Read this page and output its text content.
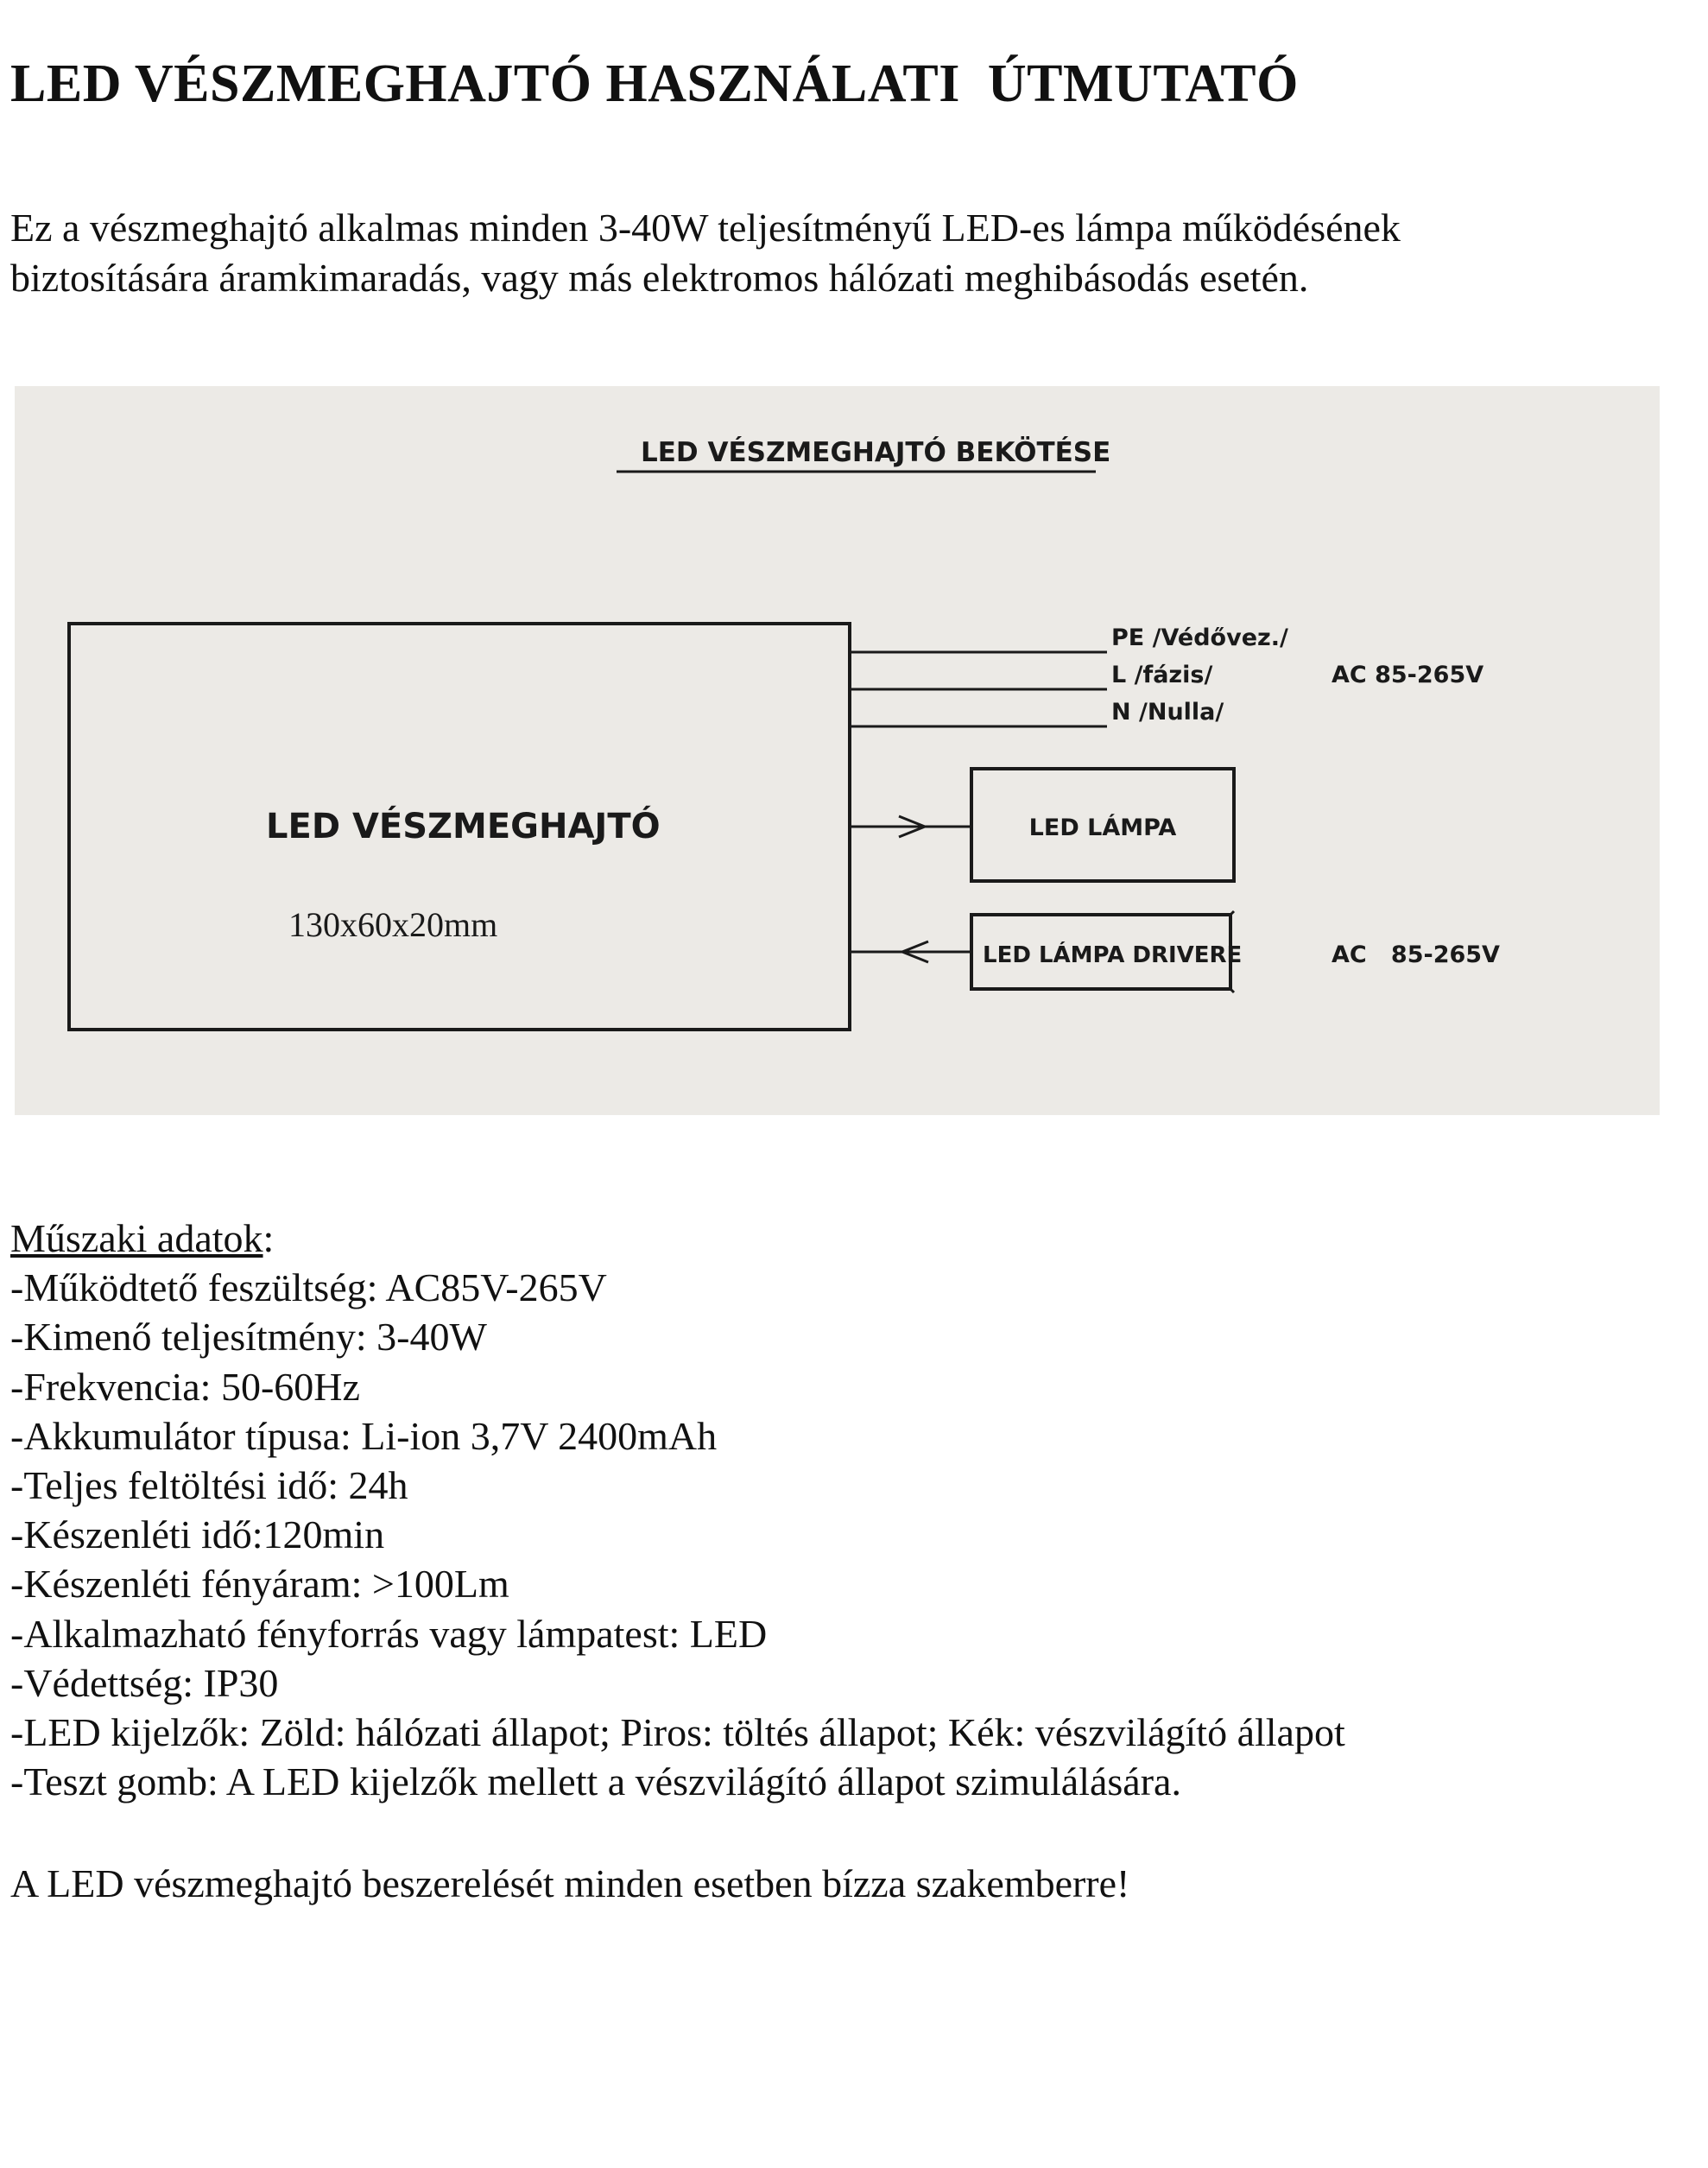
LED VÉSZMEGHAJTÓ HASZNÁLATI  ÚTMUTATÓ

Ez a vészmeghajtó alkalmas minden 3-40W teljesítményű LED-es lámpa működésének
biztosítására áramkimaradás, vagy más elektromos hálózati meghibásodás esetén.

LED VÉSZMEGHAJTÓ BEKÖTÉSE
LED VÉSZMEGHAJTÓ
130x60x20mm
PE /Védővez./
L /fázis/
N /Nulla/
AC 85-265V
LED LÁMPA
LED LÁMPA DRIVERE	AC   85-265V
Műszaki adatok:
-Működtető feszültség: AC85V-265V
-Kimenő teljesítmény: 3-40W
-Frekvencia: 50-60Hz
-Akkumulátor típusa: Li-ion 3,7V 2400mAh
-Teljes feltöltési idő: 24h
-Készenléti idő:120min
-Készenléti fényáram: >100Lm
-Alkalmazható fényforrás vagy lámpatest: LED
-Védettség: IP30
-LED kijelzők: Zöld: hálózati állapot; Piros: töltés állapot; Kék: vészvilágító állapot
-Teszt gomb: A LED kijelzők mellett a vészvilágító állapot szimulálására.

A LED vészmeghajtó beszerelését minden esetben bízza szakemberre!
